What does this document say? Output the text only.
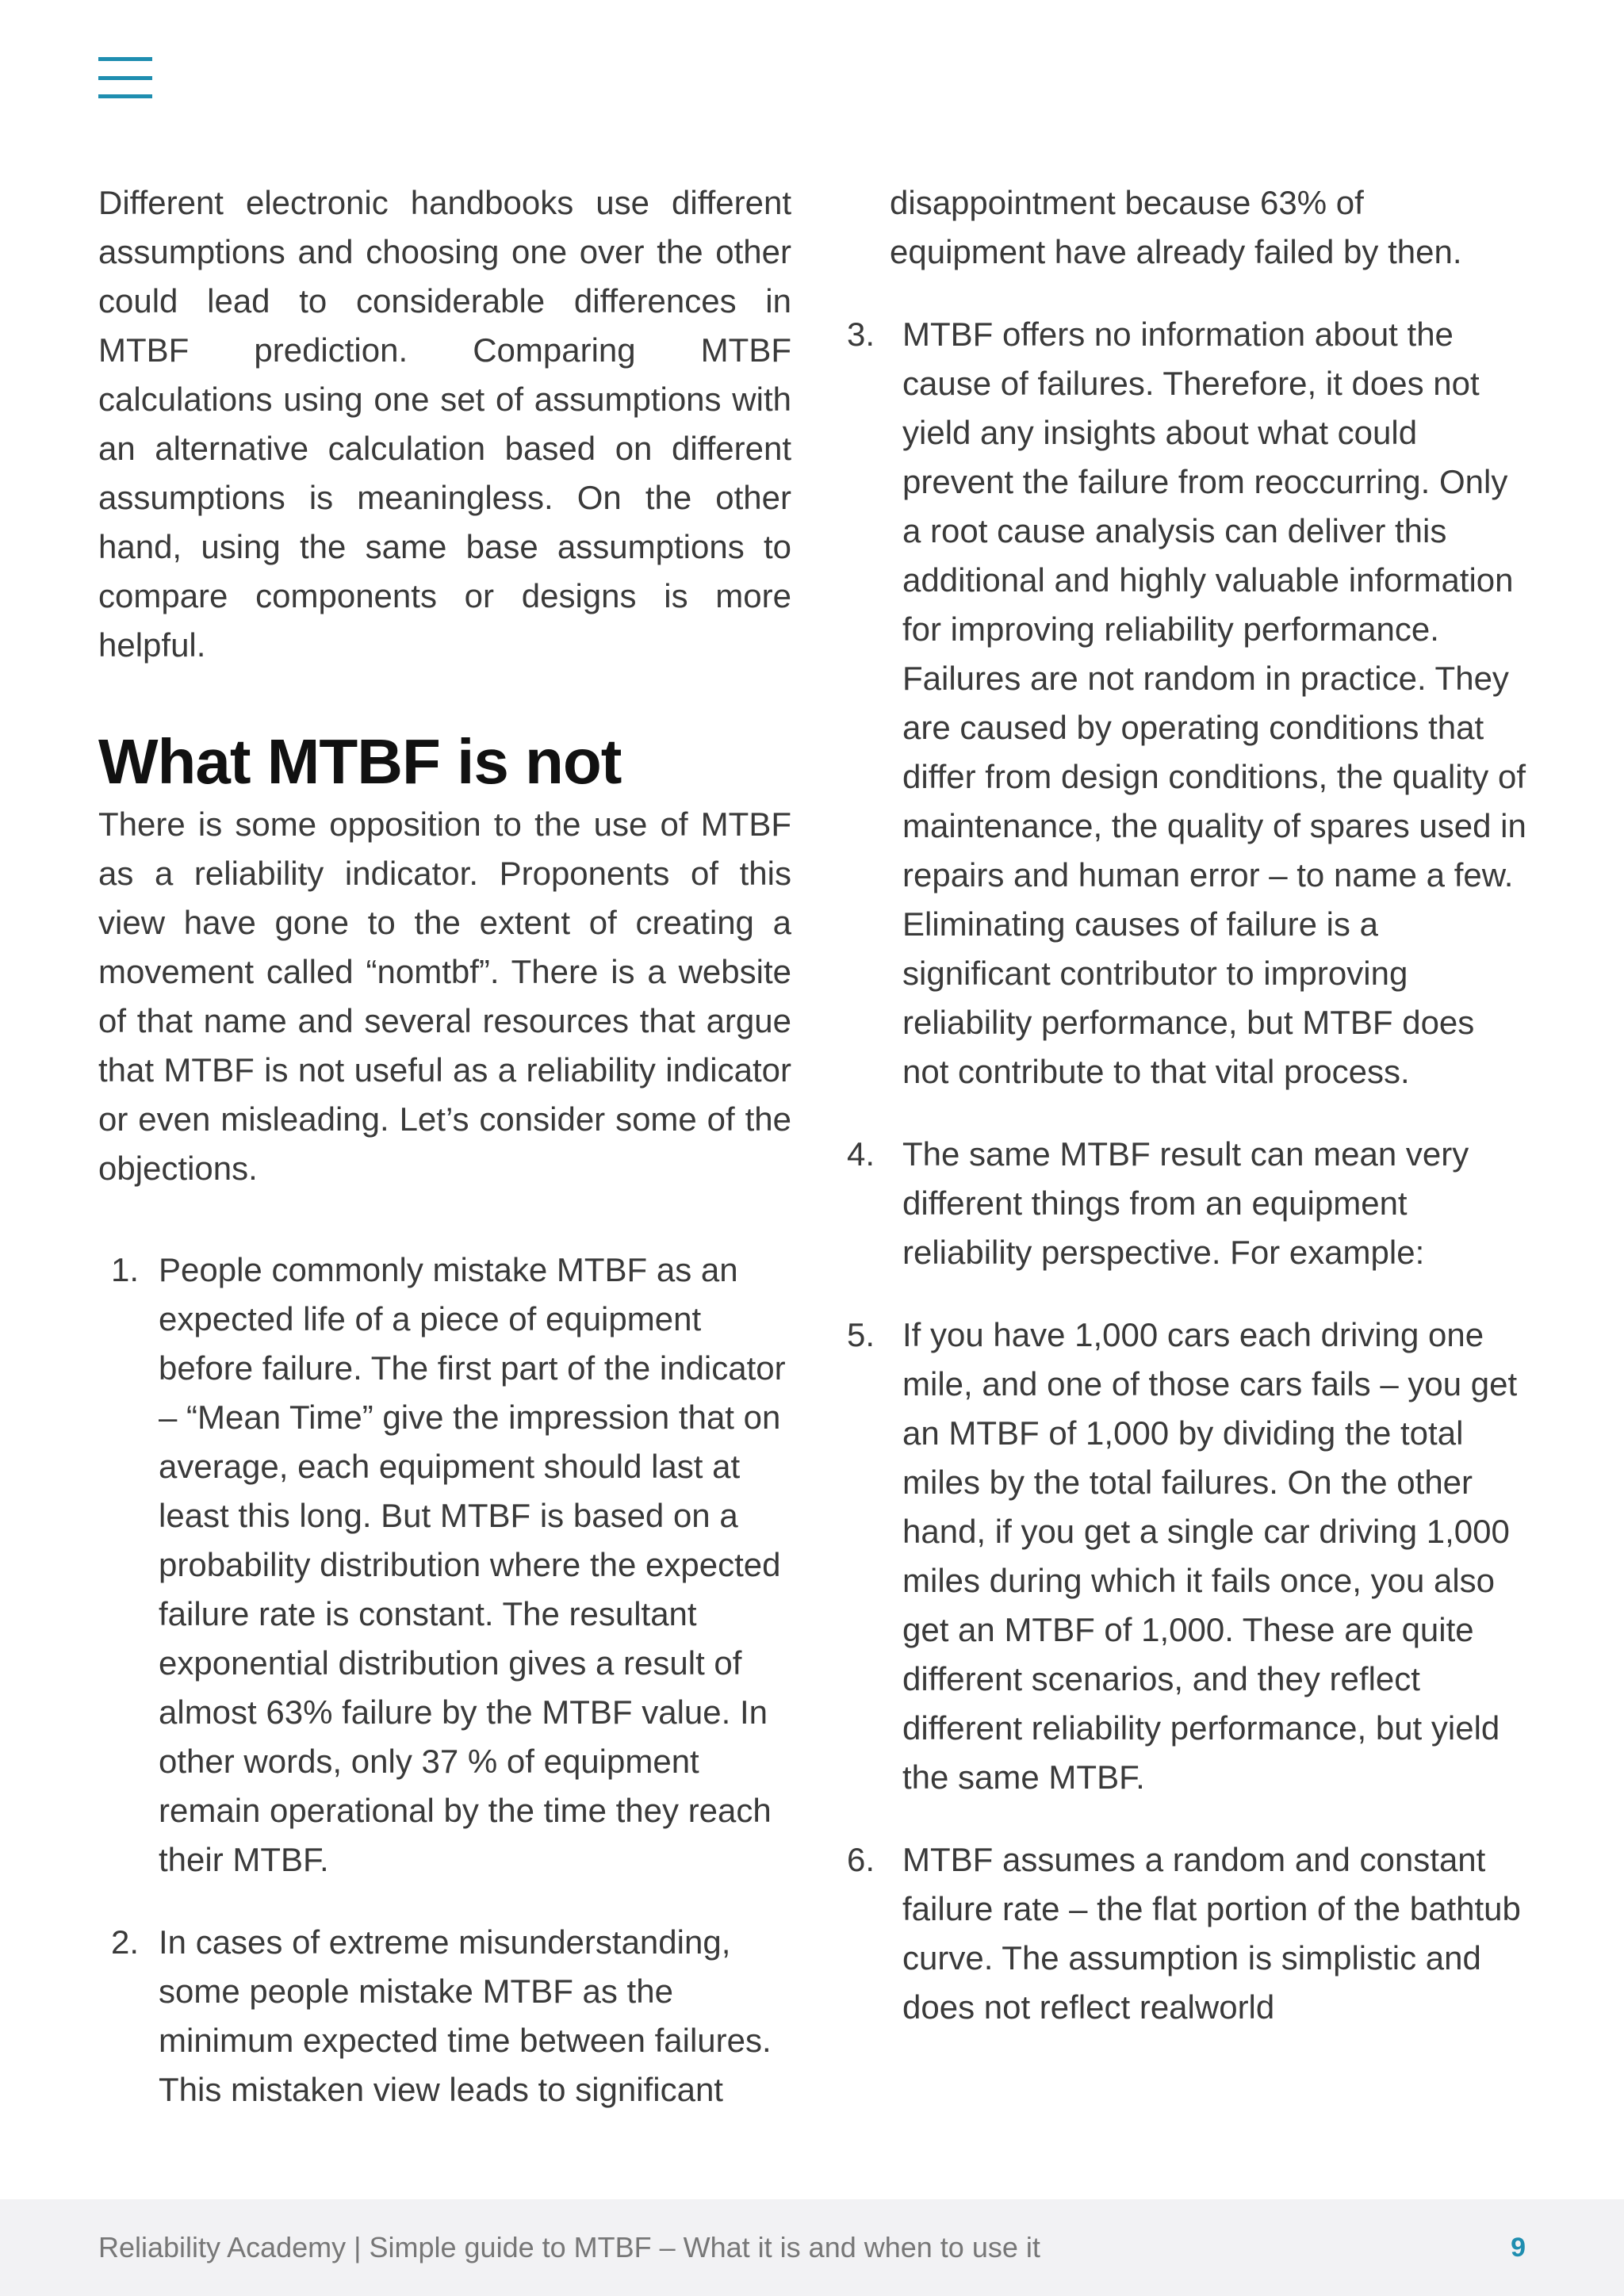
Different electronic handbooks use different assumptions and choosing one over the other could lead to considerable differences in MTBF prediction. Comparing MTBF calculations using one set of assumptions with an alternative calculation based on different assumptions is meaningless. On the other hand, using the same base assumptions to compare components or designs is more helpful.

What MTBF is not

There is some opposition to the use of MTBF as a reliability indicator. Proponents of this view have gone to the extent of creating a movement called “nomtbf”. There is a website of that name and several resources that argue that MTBF is not useful as a reliability indicator or even misleading. Let’s consider some of the objections.

1. People commonly mistake MTBF as an expected life of a piece of equipment before failure. The first part of the indicator – “Mean Time” give the impression that on average, each equipment should last at least this long. But MTBF is based on a probability distribution where the expected failure rate is constant. The resultant exponential distribution gives a result of almost 63% failure by the MTBF value. In other words, only 37 % of equipment remain operational by the time they reach their MTBF.
2. In cases of extreme misunderstanding, some people mistake MTBF as the minimum expected time between failures. This mistaken view leads to significant

disappointment because 63% of equipment have already failed by then.

3. MTBF offers no information about the cause of failures. Therefore, it does not yield any insights about what could prevent the failure from reoccurring. Only a root cause analysis can deliver this additional and highly valuable information for improving reliability performance. Failures are not random in practice. They are caused by operating conditions that differ from design conditions, the quality of maintenance, the quality of spares used in repairs and human error – to name a few. Eliminating causes of failure is a significant contributor to improving reliability performance, but MTBF does not contribute to that vital process.
4. The same MTBF result can mean very different things from an equipment reliability perspective. For example:
5. If you have 1,000 cars each driving one mile, and one of those cars fails – you get an MTBF of 1,000 by dividing the total miles by the total failures. On the other hand, if you get a single car driving 1,000 miles during which it fails once, you also get an MTBF of 1,000. These are quite different scenarios, and they reflect different reliability performance, but yield the same MTBF.
6. MTBF assumes a random and constant failure rate – the flat portion of the bathtub curve. The assumption is simplistic and does not reflect realworld
Reliability Academy | Simple guide to MTBF – What it is and when to use it	9
